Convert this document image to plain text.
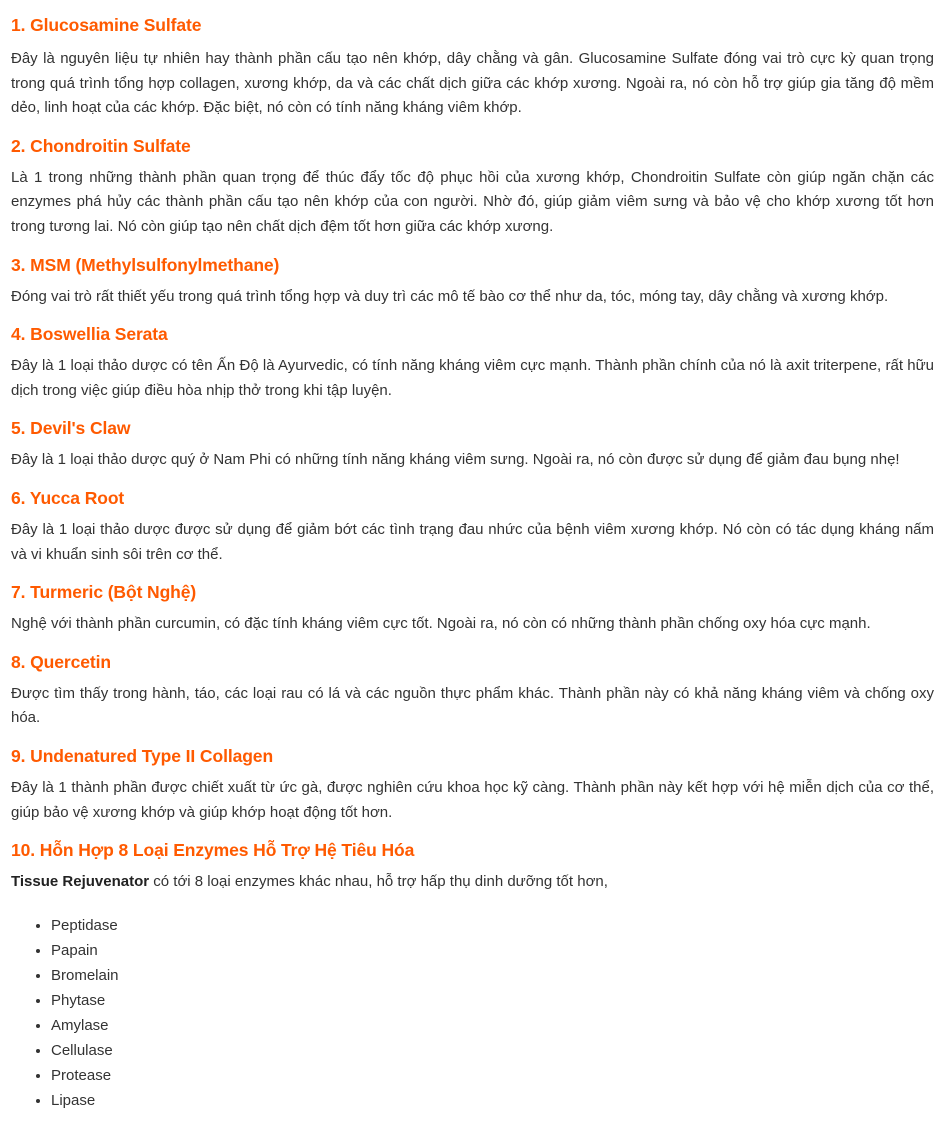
1. Glucosamine Sulfate

Đây là nguyên liệu tự nhiên hay thành phần cấu tạo nên khớp, dây chằng và gân. Glucosamine Sulfate đóng vai trò cực kỳ quan trọng trong quá trình tổng hợp collagen, xương khớp, da và các chất dịch giữa các khớp xương. Ngoài ra, nó còn hỗ trợ giúp gia tăng độ mềm dẻo, linh hoạt của các khớp. Đặc biệt, nó còn có tính năng kháng viêm khớp.

2. Chondroitin Sulfate

Là 1 trong những thành phần quan trọng để thúc đẩy tốc độ phục hồi của xương khớp, Chondroitin Sulfate còn giúp ngăn chặn các enzymes phá hủy các thành phần cấu tạo nên khớp của con người. Nhờ đó, giúp giảm viêm sưng và bảo vệ cho khớp xương tốt hơn trong tương lai. Nó còn giúp tạo nên chất dịch đệm tốt hơn giữa các khớp xương.

3. MSM (Methylsulfonylmethane)

Đóng vai trò rất thiết yếu trong quá trình tổng hợp và duy trì các mô tế bào cơ thể như da, tóc, móng tay, dây chằng và xương khớp.

4. Boswellia Serata

Đây là 1 loại thảo dược có tên Ấn Độ là Ayurvedic, có tính năng kháng viêm cực mạnh. Thành phần chính của nó là axit triterpene, rất hữu dịch trong việc giúp điều hòa nhịp thở trong khi tập luyện.

5. Devil's Claw

Đây là 1 loại thảo dược quý ở Nam Phi có những tính năng kháng viêm sưng. Ngoài ra, nó còn được sử dụng để giảm đau bụng nhẹ!

6. Yucca Root

Đây là 1 loại thảo dược được sử dụng để giảm bớt các tình trạng đau nhức của bệnh viêm xương khớp. Nó còn có tác dụng kháng nấm và vi khuẩn sinh sôi trên cơ thể.

7. Turmeric (Bột Nghệ)

Nghệ với thành phần curcumin, có đặc tính kháng viêm cực tốt. Ngoài ra, nó còn có những thành phần chống oxy hóa cực mạnh.

8. Quercetin

Được tìm thấy trong hành, táo, các loại rau có lá và các nguồn thực phẩm khác. Thành phần này có khả năng kháng viêm và chống oxy hóa.

9. Undenatured Type II Collagen

Đây là 1 thành phần được chiết xuất từ ức gà, được nghiên cứu khoa học kỹ càng. Thành phần này kết hợp với hệ miễn dịch của cơ thể, giúp bảo vệ xương khớp và giúp khớp hoạt động tốt hơn.

10. Hỗn Hợp 8 Loại Enzymes Hỗ Trợ Hệ Tiêu Hóa

Tissue Rejuvenator có tới 8 loại enzymes khác nhau, hỗ trợ hấp thụ dinh dưỡng tốt hơn,

• Peptidase
• Papain
• Bromelain
• Phytase
• Amylase
• Cellulase
• Protease
• Lipase
